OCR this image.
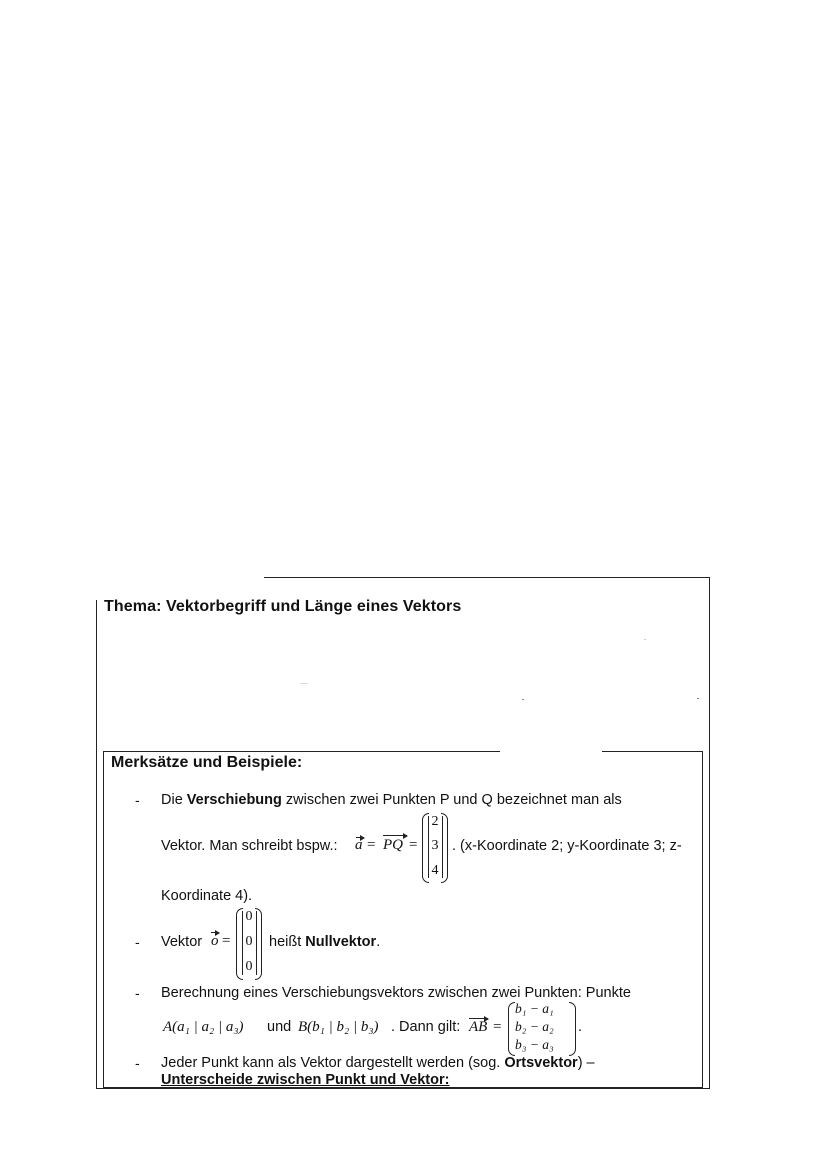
Thema: Vektorbegriff und Länge eines Vektors
Merksätze und Beispiele:
- Die Verschiebung zwischen zwei Punkten P und Q bezeichnet man als
Vektor. Man schreibt bspw.: a = PQ =
2
3
4
. (x-Koordinate 2; y-Koordinate 3; z-
Koordinate 4).
- Vektor o =
0
0
0
heißt Nullvektor.
- Berechnung eines Verschiebungsvektors zwischen zwei Punkten: Punkte
A(a₁ | a₂ | a₃) und B(b₁ | b₂ | b₃) . Dann gilt: AB =
b₁ − a₁
b₂ − a₂
b₃ − a₃
.
- Jeder Punkt kann als Vektor dargestellt werden (sog. Ortsvektor) –
Unterscheide zwischen Punkt und Vektor:
